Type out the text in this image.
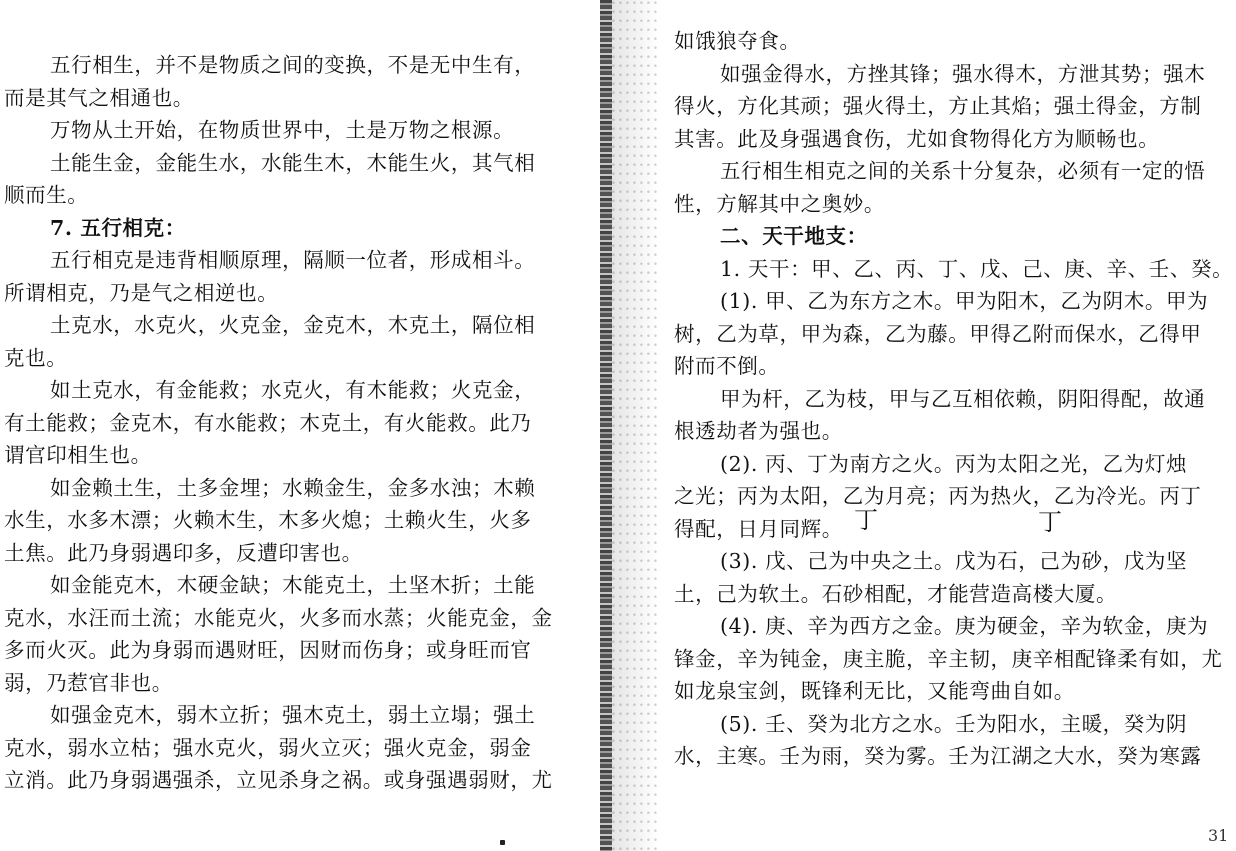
五行相生，并不是物质之间的变换，不是无中生有，
而是其气之相通也。
万物从土开始，在物质世界中，土是万物之根源。
土能生金，金能生水，水能生木，木能生火，其气相
顺而生。
7. 五行相克：
五行相克是违背相顺原理，隔顺一位者，形成相斗。
所谓相克，乃是气之相逆也。
土克水，水克火，火克金，金克木，木克土，隔位相
克也。
如土克水，有金能救；水克火，有木能救；火克金，
有土能救；金克木，有水能救；木克土，有火能救。此乃
谓官印相生也。
如金赖土生，土多金埋；水赖金生，金多水浊；木赖
水生，水多木漂；火赖木生，木多火熄；土赖火生，火多
土焦。此乃身弱遇印多，反遭印害也。
如金能克木，木硬金缺；木能克土，土坚木折；土能
克水，水汪而土流；水能克火，火多而水蒸；火能克金，金
多而火灭。此为身弱而遇财旺，因财而伤身；或身旺而官
弱，乃惹官非也。
如强金克木，弱木立折；强木克土，弱土立塌；强土
克水，弱水立枯；强水克火，弱火立灭；强火克金，弱金
立消。此乃身弱遇强杀，立见杀身之祸。或身强遇弱财，尤
丁	丁
31
如饿狼夺食。
如强金得水，方挫其锋；强水得木，方泄其势；强木
得火，方化其顽；强火得土，方止其焰；强土得金，方制
其害。此及身强遇食伤，尤如食物得化方为顺畅也。
五行相生相克之间的关系十分复杂，必须有一定的悟
性，方解其中之奥妙。
二、天干地支：
1. 天干：甲、乙、丙、丁、戊、己、庚、辛、壬、癸。
(1). 甲、乙为东方之木。甲为阳木，乙为阴木。甲为
树，乙为草，甲为森，乙为藤。甲得乙附而保水，乙得甲
附而不倒。
甲为杆，乙为枝，甲与乙互相依赖，阴阳得配，故通
根透劫者为强也。
(2). 丙、丁为南方之火。丙为太阳之光，乙为灯烛
之光；丙为太阳，乙为月亮；丙为热火，乙为冷光。丙丁
得配，日月同辉。
(3). 戊、己为中央之土。戊为石，己为砂，戊为坚
土，己为软土。石砂相配，才能营造高楼大厦。
(4). 庚、辛为西方之金。庚为硬金，辛为软金，庚为
锋金，辛为钝金，庚主脆，辛主韧，庚辛相配锋柔有如，尤
如龙泉宝剑，既锋利无比，又能弯曲自如。
(5). 壬、癸为北方之水。壬为阳水，主暖，癸为阴
水，主寒。壬为雨，癸为雾。壬为江湖之大水，癸为寒露
